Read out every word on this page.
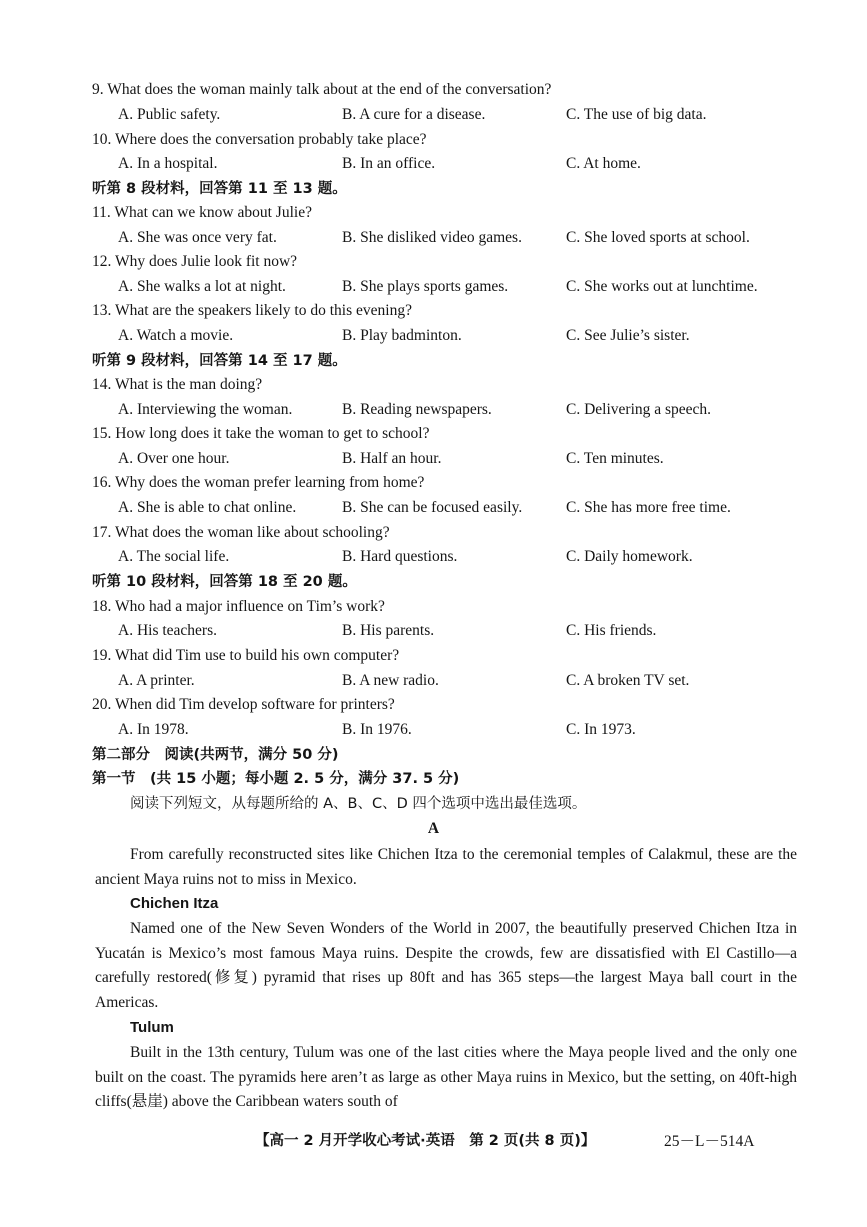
9. What does the woman mainly talk about at the end of the conversation?
A. Public safety.	B. A cure for a disease.	C. The use of big data.
10. Where does the conversation probably take place?
A. In a hospital.	B. In an office.	C. At home.
听第 8 段材料，回答第 11 至 13 题。
11. What can we know about Julie?
A. She was once very fat.	B. She disliked video games.	C. She loved sports at school.
12. Why does Julie look fit now?
A. She walks a lot at night.	B. She plays sports games.	C. She works out at lunchtime.
13. What are the speakers likely to do this evening?
A. Watch a movie.	B. Play badminton.	C. See Julie’s sister.
听第 9 段材料，回答第 14 至 17 题。
14. What is the man doing?
A. Interviewing the woman.	B. Reading newspapers.	C. Delivering a speech.
15. How long does it take the woman to get to school?
A. Over one hour.	B. Half an hour.	C. Ten minutes.
16. Why does the woman prefer learning from home?
A. She is able to chat online.	B. She can be focused easily.	C. She has more free time.
17. What does the woman like about schooling?
A. The social life.	B. Hard questions.	C. Daily homework.
听第 10 段材料，回答第 18 至 20 题。
18. Who had a major influence on Tim’s work?
A. His teachers.	B. His parents.	C. His friends.
19. What did Tim use to build his own computer?
A. A printer.	B. A new radio.	C. A broken TV set.
20. When did Tim develop software for printers?
A. In 1978.	B. In 1976.	C. In 1973.
第二部分　阅读(共两节，满分 50 分)
第一节　(共 15 小题；每小题 2. 5 分，满分 37. 5 分)
阅读下列短文，从每题所给的 A、B、C、D 四个选项中选出最佳选项。
A
From carefully reconstructed sites like Chichen Itza to the ceremonial temples of Calakmul, these are the ancient Maya ruins not to miss in Mexico.
Chichen Itza
Named one of the New Seven Wonders of the World in 2007, the beautifully preserved Chichen Itza in Yucatán is Mexico’s most famous Maya ruins. Despite the crowds, few are dissatisfied with El Castillo—a carefully restored(修复) pyramid that rises up 80ft and has 365 steps—the largest Maya ball court in the Americas.
Tulum
Built in the 13th century, Tulum was one of the last cities where the Maya people lived and the only one built on the coast. The pyramids here aren’t as large as other Maya ruins in Mexico, but the setting, on 40ft-high cliffs(悬崖) above the Caribbean waters south of
【高一 2 月开学收心考试·英语　第 2 页(共 8 页)】	25－L－514A
